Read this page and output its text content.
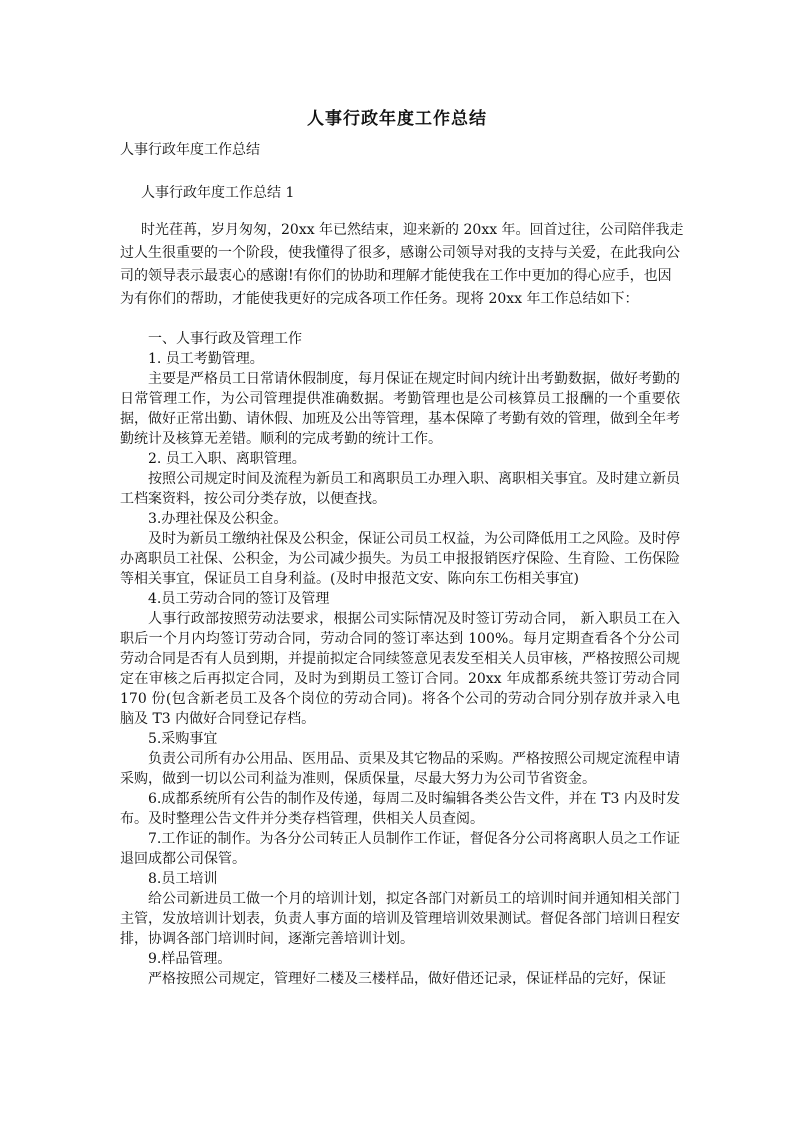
人事行政年度工作总结
人事行政年度工作总结
人事行政年度工作总结 1
时光荏苒，岁月匆匆，20xx 年已然结束，迎来新的 20xx 年。回首过往，公司陪伴我走
过人生很重要的一个阶段，使我懂得了很多，感谢公司领导对我的支持与关爱，在此我向公
司的领导表示最衷心的感谢!有你们的协助和理解才能使我在工作中更加的得心应手，也因
为有你们的帮助，才能使我更好的完成各项工作任务。现将 20xx 年工作总结如下：

一、人事行政及管理工作

1. 员工考勤管理。

主要是严格员工日常请休假制度，每月保证在规定时间内统计出考勤数据，做好考勤的日常管理工作，为公司管理提供准确数据。考勤管理也是公司核算员工报酬的一个重要依据，做好正常出勤、请休假、加班及公出等管理，基本保障了考勤有效的管理，做到全年考勤统计及核算无差错。顺利的完成考勤的统计工作。

2. 员工入职、离职管理。

按照公司规定时间及流程为新员工和离职员工办理入职、离职相关事宜。及时建立新员工档案资料，按公司分类存放，以便查找。

3.办理社保及公积金。

及时为新员工缴纳社保及公积金，保证公司员工权益，为公司降低用工之风险。及时停办离职员工社保、公积金，为公司减少损失。为员工申报报销医疗保险、生育险、工伤保险等相关事宜，保证员工自身利益。(及时申报范文安、陈向东工伤相关事宜)

4.员工劳动合同的签订及管理

人事行政部按照劳动法要求，根据公司实际情况及时签订劳动合同， 新入职员工在入职后一个月内均签订劳动合同，劳动合同的签订率达到 100%。每月定期查看各个分公司劳动合同是否有人员到期，并提前拟定合同续签意见表发至相关人员审核，严格按照公司规定在审核之后再拟定合同，及时为到期员工签订合同。20xx 年成都系统共签订劳动合同 170 份(包含新老员工及各个岗位的劳动合同)。将各个公司的劳动合同分别存放并录入电脑及 T3 内做好合同登记存档。

5.采购事宜

负责公司所有办公用品、医用品、贡果及其它物品的采购。严格按照公司规定流程申请采购，做到一切以公司利益为准则，保质保量，尽最大努力为公司节省资金。

6.成都系统所有公告的制作及传递，每周二及时编辑各类公告文件，并在 T3 内及时发布。及时整理公告文件并分类存档管理，供相关人员查阅。

7.工作证的制作。为各分公司转正人员制作工作证，督促各分公司将离职人员之工作证退回成都公司保管。

8.员工培训

给公司新进员工做一个月的培训计划，拟定各部门对新员工的培训时间并通知相关部门主管，发放培训计划表，负责人事方面的培训及管理培训效果测试。督促各部门培训日程安排，协调各部门培训时间，逐渐完善培训计划。

9.样品管理。

严格按照公司规定，管理好二楼及三楼样品，做好借还记录，保证样品的完好，保证
